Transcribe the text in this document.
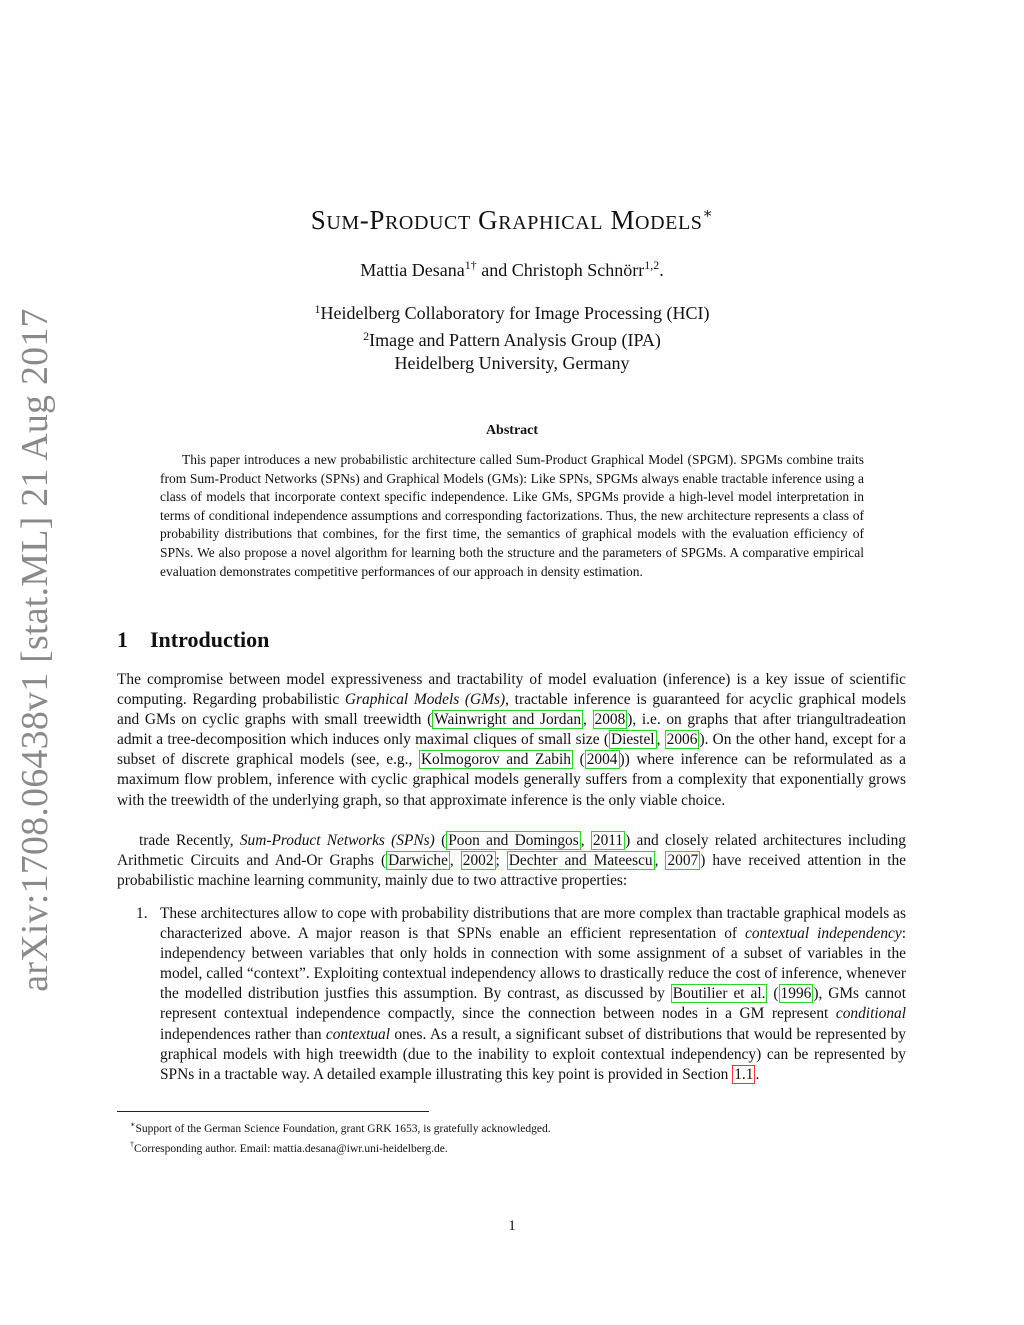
arXiv:1708.06438v1 [stat.ML] 21 Aug 2017
SUM-PRODUCT GRAPHICAL MODELS∗
Mattia Desana$^{1\dagger}$ and Christoph Schnörr$^{1,2}$.
$^1$Heidelberg Collaboratory for Image Processing (HCI)
$^2$Image and Pattern Analysis Group (IPA)
Heidelberg University, Germany
Abstract

This paper introduces a new probabilistic architecture called Sum-Product Graphical Model (SPGM). SPGMs combine traits from Sum-Product Networks (SPNs) and Graphical Models (GMs): Like SPNs, SPGMs always enable tractable inference using a class of models that incorporate context specific independence. Like GMs, SPGMs provide a high-level model interpretation in terms of conditional independence assumptions and corresponding factorizations. Thus, the new architecture represents a class of probability distributions that combines, for the first time, the semantics of graphical models with the evaluation efficiency of SPNs. We also propose a novel algorithm for learning both the structure and the parameters of SPGMs. A comparative empirical evaluation demonstrates competitive performances of our approach in density estimation.

1 Introduction

The compromise between model expressiveness and tractability of model evaluation (inference) is a key issue of scientific computing. Regarding probabilistic Graphical Models (GMs), tractable inference is guaranteed for acyclic graphical models and GMs on cyclic graphs with small treewidth ( Wainwright and Jordan , 2008 ), i.e. on graphs that after triangultradeation admit a tree-decomposition which induces only maximal cliques of small size ( Diestel , 2006 ). On the other hand, except for a subset of discrete graphical models (see, e.g., Kolmogorov and Zabih ( 2004 )) where inference can be reformulated as a maximum flow problem, inference with cyclic graphical models generally suffers from a complexity that exponentially grows with the treewidth of the underlying graph, so that approximate inference is the only viable choice.

trade Recently, Sum-Product Networks (SPNs) ( Poon and Domingos , 2011 ) and closely related architectures including Arithmetic Circuits and And-Or Graphs ( Darwiche , 2002 ; Dechter and Mateescu , 2007 ) have received attention in the probabilistic machine learning community, mainly due to two attractive properties:

1. These architectures allow to cope with probability distributions that are more complex than tractable graphical models as characterized above. A major reason is that SPNs enable an efficient representation of contextual independency: independency between variables that only holds in connection with some assignment of a subset of variables in the model, called “context”. Exploiting contextual independency allows to drastically reduce the cost of inference, whenever the modelled distribution justfies this assumption. By contrast, as discussed by Boutilier et al. ( 1996 ), GMs cannot represent contextual independence compactly, since the connection between nodes in a GM represent conditional independences rather than contextual ones. As a result, a significant subset of distributions that would be represented by graphical models with high treewidth (due to the inability to exploit contextual independency) can be represented by SPNs in a tractable way. A detailed example illustrating this key point is provided in Section 1.1 .

∗Support of the German Science Foundation, grant GRK 1653, is gratefully acknowledged.
†Corresponding author. Email: mattia.desana@iwr.uni-heidelberg.de.
1
